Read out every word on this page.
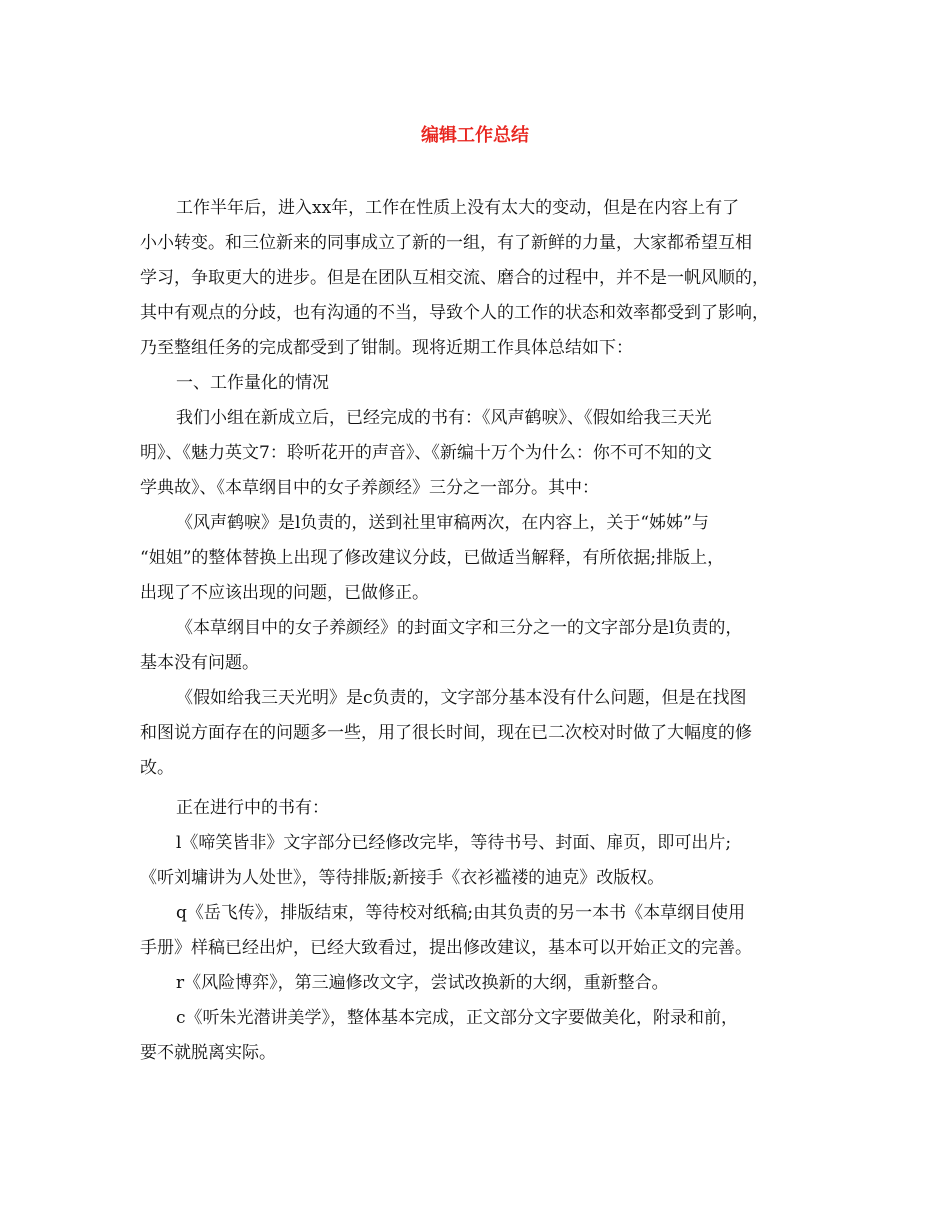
编辑工作总结
工作半年后，进入xx年，工作在性质上没有太大的变动，但是在内容上有了
小小转变。和三位新来的同事成立了新的一组，有了新鲜的力量，大家都希望互相
学习，争取更大的进步。但是在团队互相交流、磨合的过程中，并不是一帆风顺的，
其中有观点的分歧，也有沟通的不当，导致个人的工作的状态和效率都受到了影响，
乃至整组任务的完成都受到了钳制。现将近期工作具体总结如下：
一、工作量化的情况
我们小组在新成立后，已经完成的书有：《风声鹤唳》、《假如给我三天光
明》、《魅力英文7：聆听花开的声音》、《新编十万个为什么：你不可不知的文
学典故》、《本草纲目中的女子养颜经》三分之一部分。其中：
《风声鹤唳》是l负责的，送到社里审稿两次，在内容上，关于“姊姊”与
“姐姐”的整体替换上出现了修改建议分歧，已做适当解释，有所依据;排版上，
出现了不应该出现的问题，已做修正。
《本草纲目中的女子养颜经》的封面文字和三分之一的文字部分是l负责的，
基本没有问题。
《假如给我三天光明》是c负责的，文字部分基本没有什么问题，但是在找图
和图说方面存在的问题多一些，用了很长时间，现在已二次校对时做了大幅度的修
改。
正在进行中的书有：
l《啼笑皆非》文字部分已经修改完毕，等待书号、封面、扉页，即可出片;
《听刘墉讲为人处世》，等待排版;新接手《衣衫褴褛的迪克》改版权。
q《岳飞传》，排版结束，等待校对纸稿;由其负责的另一本书《本草纲目使用
手册》样稿已经出炉，已经大致看过，提出修改建议，基本可以开始正文的完善。
r《风险博弈》，第三遍修改文字，尝试改换新的大纲，重新整合。
c《听朱光潜讲美学》，整体基本完成，正文部分文字要做美化，附录和前，
要不就脱离实际。
